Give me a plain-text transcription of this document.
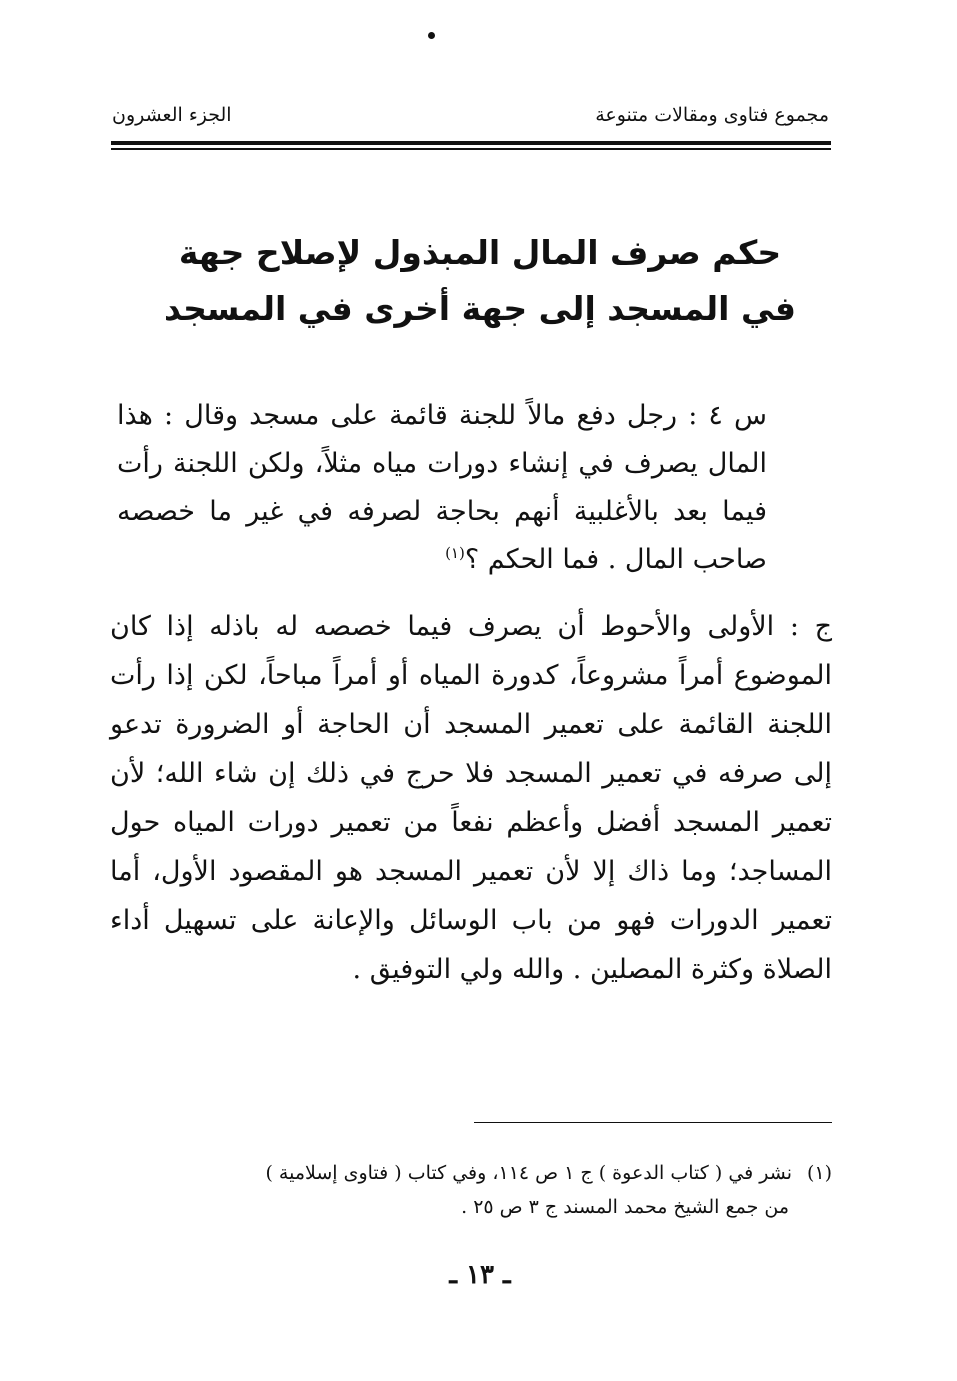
مجموع فتاوى ومقالات متنوعة
الجزء العشرون
حكم صرف المال المبذول لإصلاح جهة
في المسجد إلى جهة أخرى في المسجد
س ٤ : رجل دفع مالاً للجنة قائمة على مسجد وقال : هذا المال يصرف في إنشاء دورات مياه مثلاً، ولكن اللجنة رأت فيما بعد بالأغلبية أنهم بحاجة لصرفه في غير ما خصصه صاحب المال . فما الحكم ؟$^{(١)}$
ج : الأولى والأحوط أن يصرف فيما خصصه له باذله إذا كان الموضوع أمراً مشروعاً، كدورة المياه أو أمراً مباحاً، لكن إذا رأت اللجنة القائمة على تعمير المسجد أن الحاجة أو الضرورة تدعو إلى صرفه في تعمير المسجد فلا حرج في ذلك إن شاء الله؛ لأن تعمير المسجد أفضل وأعظم نفعاً من تعمير دورات المياه حول المساجد؛ وما ذاك إلا لأن تعمير المسجد هو المقصود الأول، أما تعمير الدورات فهو من باب الوسائل والإعانة على تسهيل أداء الصلاة وكثرة المصلين . والله ولي التوفيق .
(١)نشر في ( كتاب الدعوة ) ج ١ ص ١١٤، وفي كتاب ( فتاوى إسلامية )
من جمع الشيخ محمد المسند ج ٣ ص ٢٥ .
ـ ١٣ ـ
